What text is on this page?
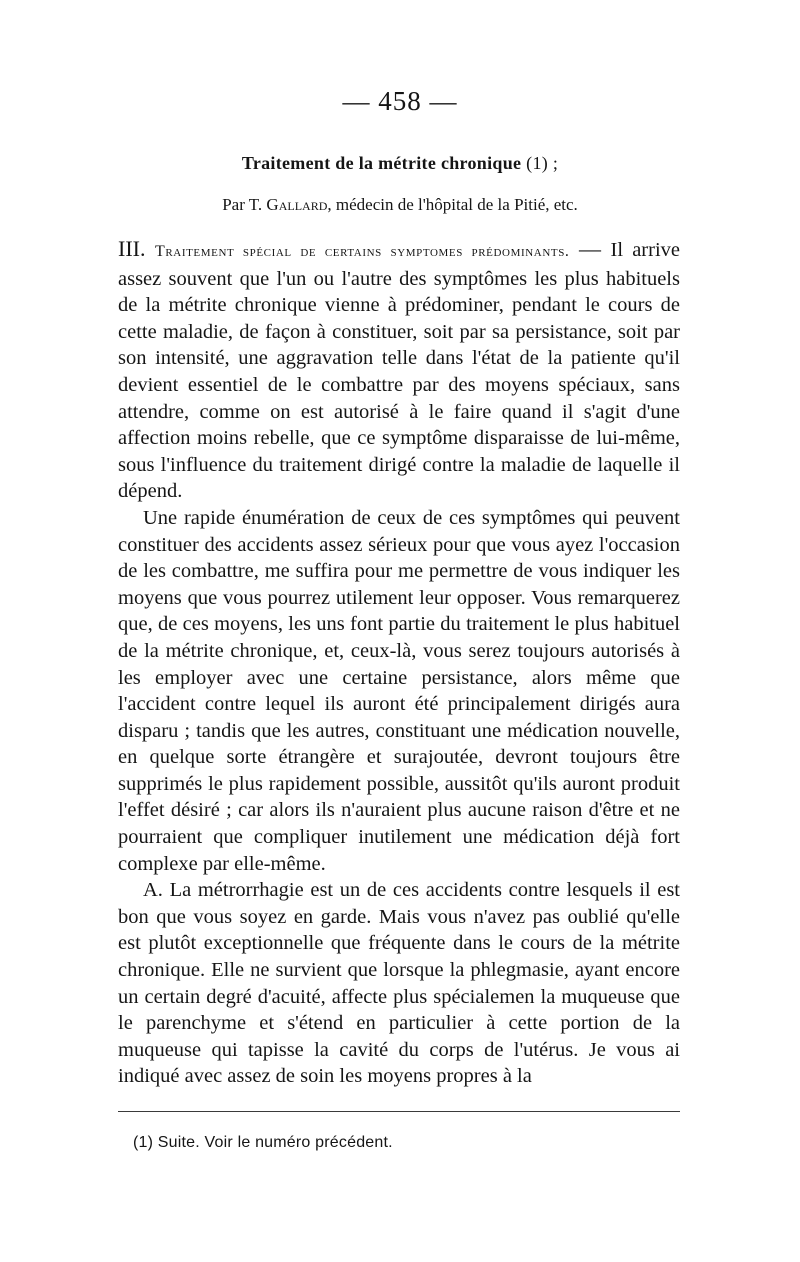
— 458 —
Traitement de la métrite chronique (1) ;
Par T. Gallard, médecin de l'hôpital de la Pitié, etc.

III. Traitement spécial de certains symptomes prédominants. — Il arrive assez souvent que l'un ou l'autre des symptômes les plus habituels de la métrite chronique vienne à prédominer, pendant le cours de cette maladie, de façon à constituer, soit par sa persistance, soit par son intensité, une aggravation telle dans l'état de la patiente qu'il devient essentiel de le combattre par des moyens spéciaux, sans attendre, comme on est autorisé à le faire quand il s'agit d'une affection moins rebelle, que ce symptôme disparaisse de lui-même, sous l'influence du traitement dirigé contre la maladie de laquelle il dépend.

Une rapide énumération de ceux de ces symptômes qui peuvent constituer des accidents assez sérieux pour que vous ayez l'occasion de les combattre, me suffira pour me permettre de vous indiquer les moyens que vous pourrez utilement leur opposer. Vous remarquerez que, de ces moyens, les uns font partie du traitement le plus habituel de la métrite chronique, et, ceux-là, vous serez toujours autorisés à les employer avec une certaine persistance, alors même que l'accident contre lequel ils auront été principalement dirigés aura disparu ; tandis que les autres, constituant une médication nouvelle, en quelque sorte étrangère et surajoutée, devront toujours être supprimés le plus rapidement possible, aussitôt qu'ils auront produit l'effet désiré ; car alors ils n'auraient plus aucune raison d'être et ne pourraient que compliquer inutilement une médication déjà fort complexe par elle-même.

A. La métrorrhagie est un de ces accidents contre lesquels il est bon que vous soyez en garde. Mais vous n'avez pas oublié qu'elle est plutôt exceptionnelle que fréquente dans le cours de la métrite chronique. Elle ne survient que lorsque la phlegmasie, ayant encore un certain degré d'acuité, affecte plus spécialemen la muqueuse que le parenchyme et s'étend en particulier à cette portion de la muqueuse qui tapisse la cavité du corps de l'utérus. Je vous ai indiqué avec assez de soin les moyens propres à la

(1) Suite. Voir le numéro précédent.
